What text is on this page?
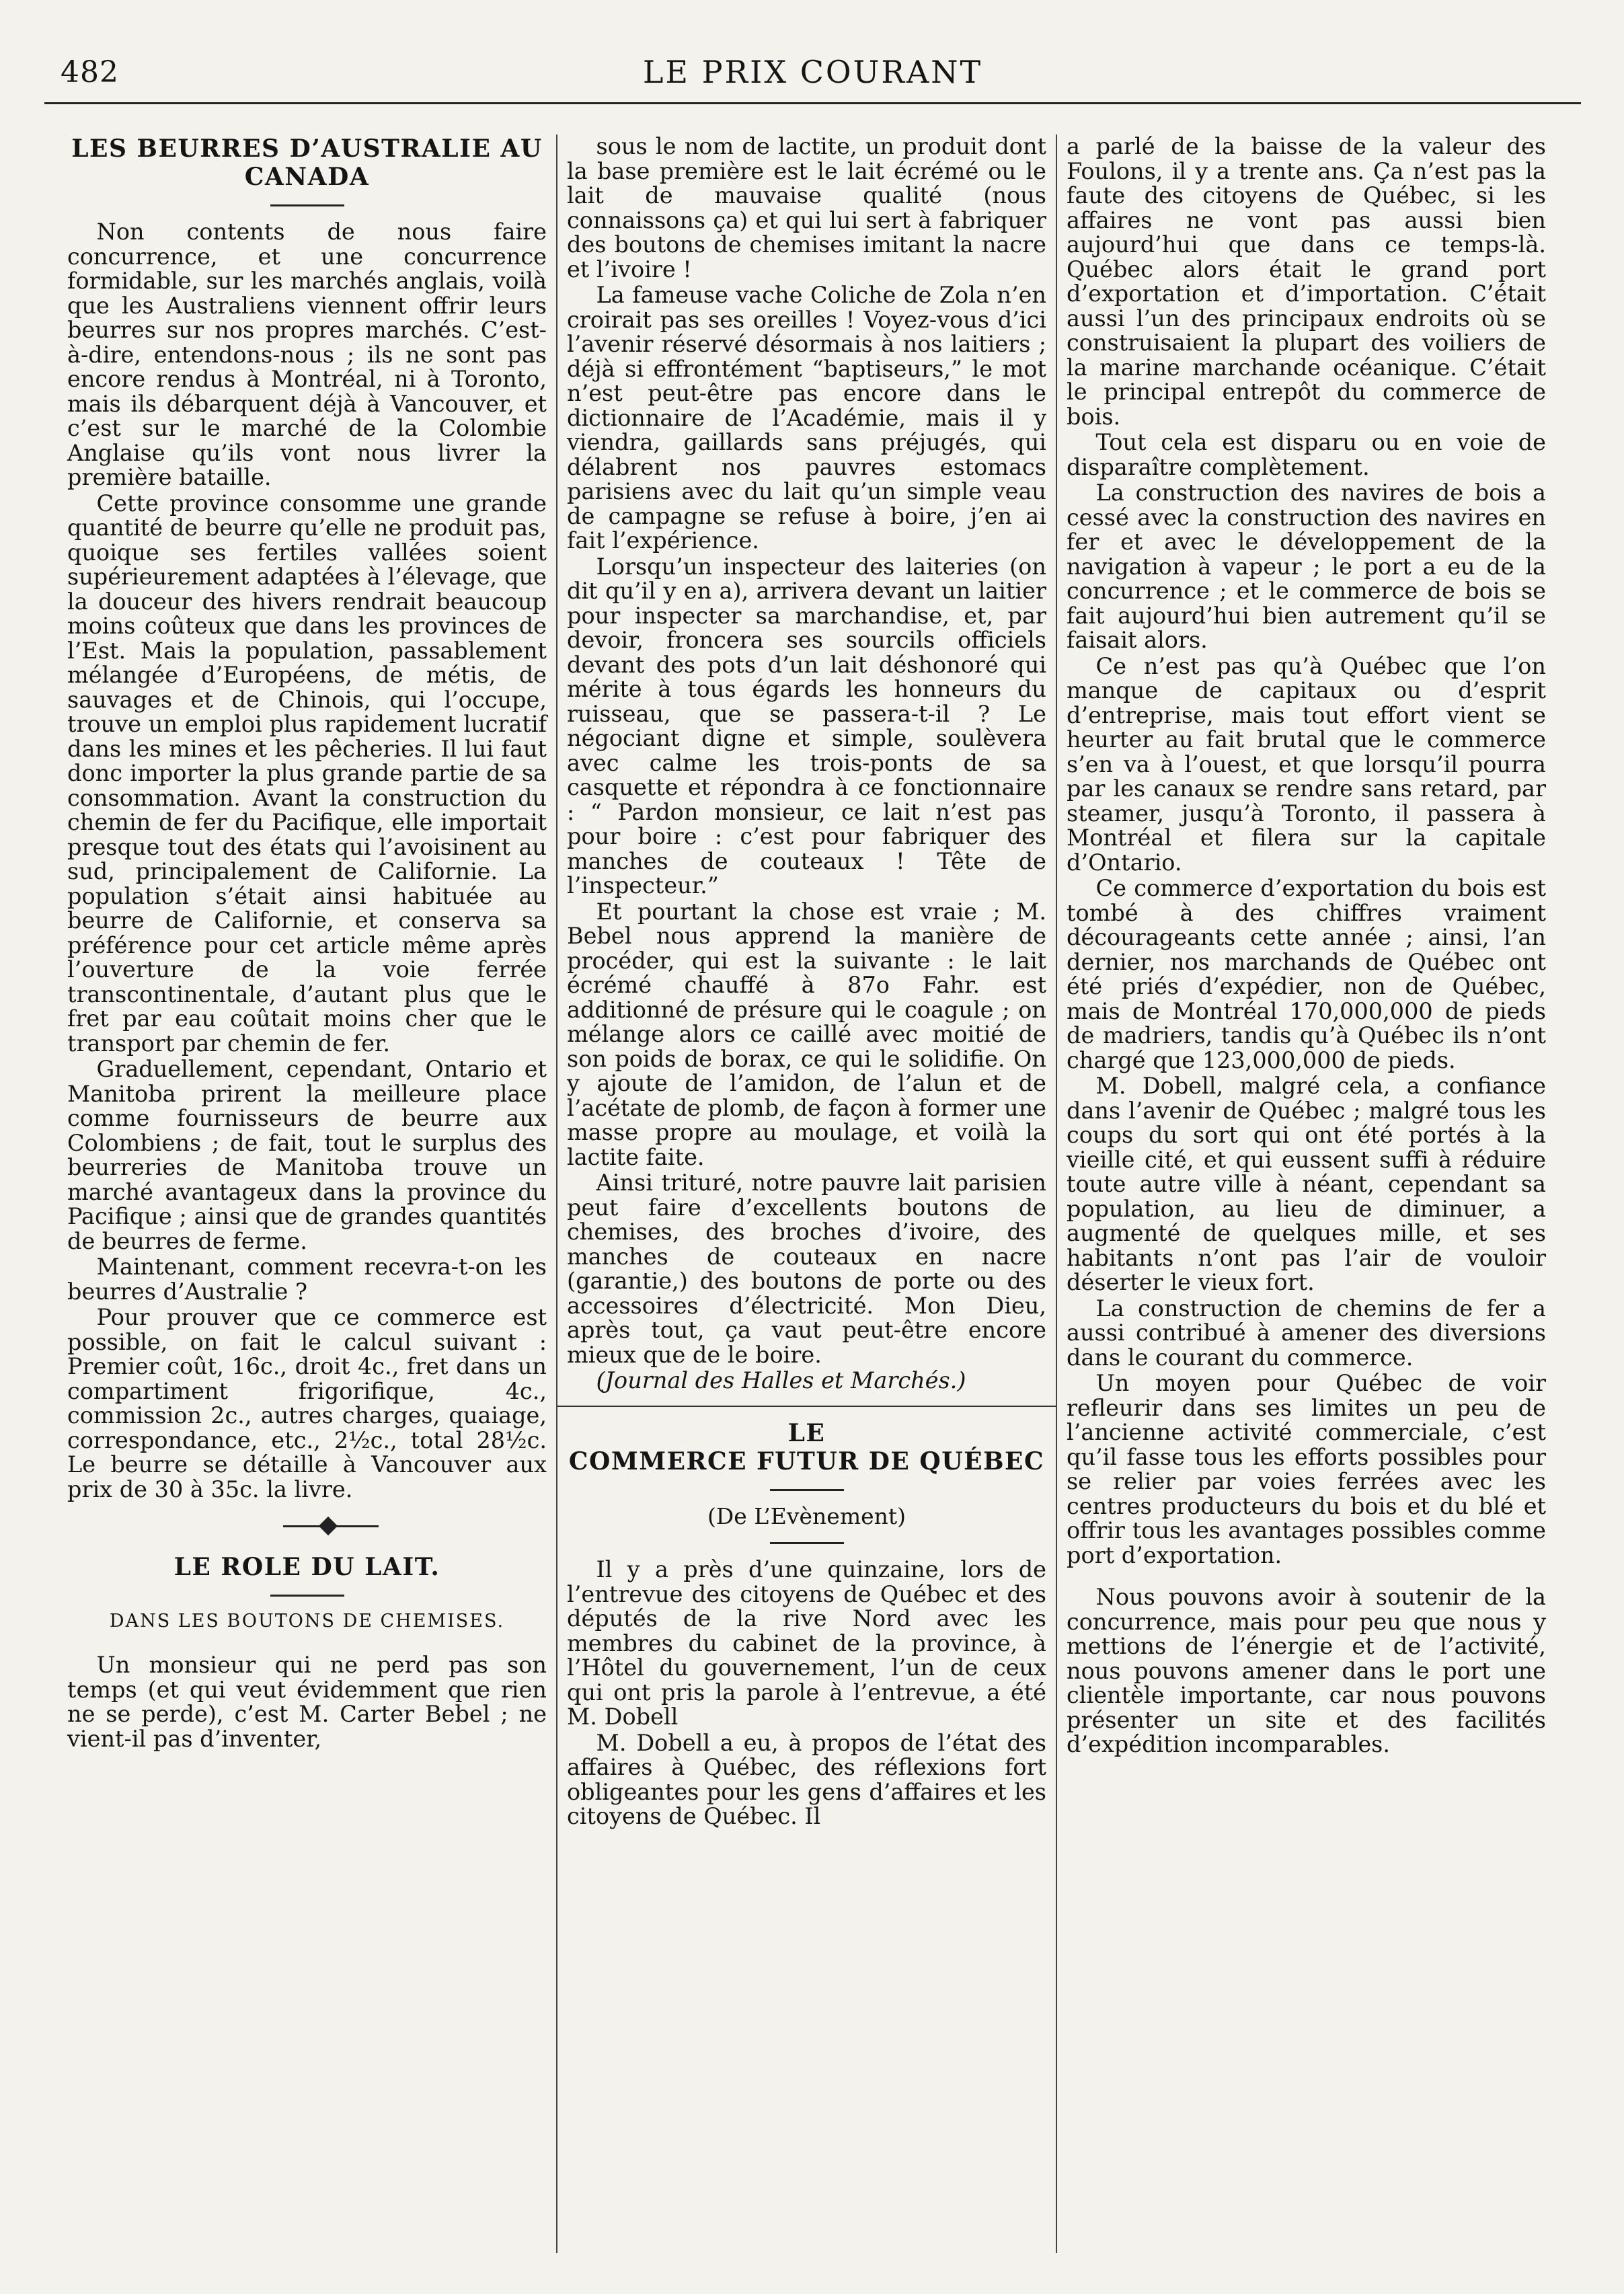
482	LE PRIX COURANT
LES BEURRES D’AUSTRALIE AU CANADA

Non contents de nous faire concurrence, et une concurrence formidable, sur les marchés anglais, voilà que les Australiens viennent offrir leurs beurres sur nos propres marchés. C’est-à-dire, entendons-nous ; ils ne sont pas encore rendus à Montréal, ni à Toronto, mais ils débarquent déjà à Vancouver, et c’est sur le marché de la Colombie Anglaise qu’ils vont nous livrer la première bataille.

Cette province consomme une grande quantité de beurre qu’elle ne produit pas, quoique ses fertiles vallées soient supérieurement adaptées à l’élevage, que la douceur des hivers rendrait beaucoup moins coûteux que dans les provinces de l’Est. Mais la population, passablement mélangée d’Européens, de métis, de sauvages et de Chinois, qui l’occupe, trouve un emploi plus rapidement lucratif dans les mines et les pêcheries. Il lui faut donc importer la plus grande partie de sa consommation. Avant la construction du chemin de fer du Pacifique, elle importait presque tout des états qui l’avoisinent au sud, principalement de Californie. La population s’était ainsi habituée au beurre de Californie, et conserva sa préférence pour cet article même après l’ouverture de la voie ferrée transcontinentale, d’autant plus que le fret par eau coûtait moins cher que le transport par chemin de fer.

Graduellement, cependant, Ontario et Manitoba prirent la meilleure place comme fournisseurs de beurre aux Colombiens ; de fait, tout le surplus des beurreries de Manitoba trouve un marché avantageux dans la province du Pacifique ; ainsi que de grandes quantités de beurres de ferme.

Maintenant, comment recevra-t-on les beurres d’Australie ?

Pour prouver que ce commerce est possible, on fait le calcul suivant : Premier coût, 16c., droit 4c., fret dans un compartiment frigorifique, 4c., commission 2c., autres charges, quaiage, correspondance, etc., 2½c., total 28½c. Le beurre se détaille à Vancouver aux prix de 30 à 35c. la livre.

LE ROLE DU LAIT.
DANS LES BOUTONS DE CHEMISES.

Un monsieur qui ne perd pas son temps (et qui veut évidemment que rien ne se perde), c’est M. Carter Bebel ; ne vient-il pas d’inventer,

sous le nom de lactite, un produit dont la base première est le lait écrémé ou le lait de mauvaise qualité (nous connaissons ça) et qui lui sert à fabriquer des boutons de chemises imitant la nacre et l’ivoire !

La fameuse vache Coliche de Zola n’en croirait pas ses oreilles ! Voyez-vous d’ici l’avenir réservé désormais à nos laitiers ; déjà si effrontément “baptiseurs,” le mot n’est peut-être pas encore dans le dictionnaire de l’Académie, mais il y viendra, gaillards sans préjugés, qui délabrent nos pauvres estomacs parisiens avec du lait qu’un simple veau de campagne se refuse à boire, j’en ai fait l’expérience.

Lorsqu’un inspecteur des laiteries (on dit qu’il y en a), arrivera devant un laitier pour inspecter sa marchandise, et, par devoir, froncera ses sourcils officiels devant des pots d’un lait déshonoré qui mérite à tous égards les honneurs du ruisseau, que se passera-t-il ? Le négociant digne et simple, soulèvera avec calme les trois-ponts de sa casquette et répondra à ce fonctionnaire : “ Pardon monsieur, ce lait n’est pas pour boire : c’est pour fabriquer des manches de couteaux ! Tête de l’inspecteur.”

Et pourtant la chose est vraie ; M. Bebel nous apprend la manière de procéder, qui est la suivante : le lait écrémé chauffé à 87o Fahr. est additionné de présure qui le coagule ; on mélange alors ce caillé avec moitié de son poids de borax, ce qui le solidifie. On y ajoute de l’amidon, de l’alun et de l’acétate de plomb, de façon à former une masse propre au moulage, et voilà la lactite faite.

Ainsi trituré, notre pauvre lait parisien peut faire d’excellents boutons de chemises, des broches d’ivoire, des manches de couteaux en nacre (garantie,) des boutons de porte ou des accessoires d’électricité. Mon Dieu, après tout, ça vaut peut-être encore mieux que de le boire.

(Journal des Halles et Marchés.)

LE
COMMERCE FUTUR DE QUÉBEC
(De L’Evènement)

Il y a près d’une quinzaine, lors de l’entrevue des citoyens de Québec et des députés de la rive Nord avec les membres du cabinet de la province, à l’Hôtel du gouvernement, l’un de ceux qui ont pris la parole à l’entrevue, a été M. Dobell

M. Dobell a eu, à propos de l’état des affaires à Québec, des réflexions fort obligeantes pour les gens d’affaires et les citoyens de Québec. Il

a parlé de la baisse de la valeur des Foulons, il y a trente ans. Ça n’est pas la faute des citoyens de Québec, si les affaires ne vont pas aussi bien aujourd’hui que dans ce temps-là. Québec alors était le grand port d’exportation et d’importation. C’était aussi l’un des principaux endroits où se construisaient la plupart des voiliers de la marine marchande océanique. C’était le principal entrepôt du commerce de bois.

Tout cela est disparu ou en voie de disparaître complètement.

La construction des navires de bois a cessé avec la construction des navires en fer et avec le développement de la navigation à vapeur ; le port a eu de la concurrence ; et le commerce de bois se fait aujourd’hui bien autrement qu’il se faisait alors.

Ce n’est pas qu’à Québec que l’on manque de capitaux ou d’esprit d’entreprise, mais tout effort vient se heurter au fait brutal que le commerce s’en va à l’ouest, et que lorsqu’il pourra par les canaux se rendre sans retard, par steamer, jusqu’à Toronto, il passera à Montréal et filera sur la capitale d’Ontario.

Ce commerce d’exportation du bois est tombé à des chiffres vraiment décourageants cette année ; ainsi, l’an dernier, nos marchands de Québec ont été priés d’expédier, non de Québec, mais de Montréal 170,000,000 de pieds de madriers, tandis qu’à Québec ils n’ont chargé que 123,000,000 de pieds.

M. Dobell, malgré cela, a confiance dans l’avenir de Québec ; malgré tous les coups du sort qui ont été portés à la vieille cité, et qui eussent suffi à réduire toute autre ville à néant, cependant sa population, au lieu de diminuer, a augmenté de quelques mille, et ses habitants n’ont pas l’air de vouloir déserter le vieux fort.

La construction de chemins de fer a aussi contribué à amener des diversions dans le courant du commerce.

Un moyen pour Québec de voir refleurir dans ses limites un peu de l’ancienne activité commerciale, c’est qu’il fasse tous les efforts possibles pour se relier par voies ferrées avec les centres producteurs du bois et du blé et offrir tous les avantages possibles comme port d’exportation.

Nous pouvons avoir à soutenir de la concurrence, mais pour peu que nous y mettions de l’énergie et de l’activité, nous pouvons amener dans le port une clientèle importante, car nous pouvons présenter un site et des facilités d’expédition incomparables.
